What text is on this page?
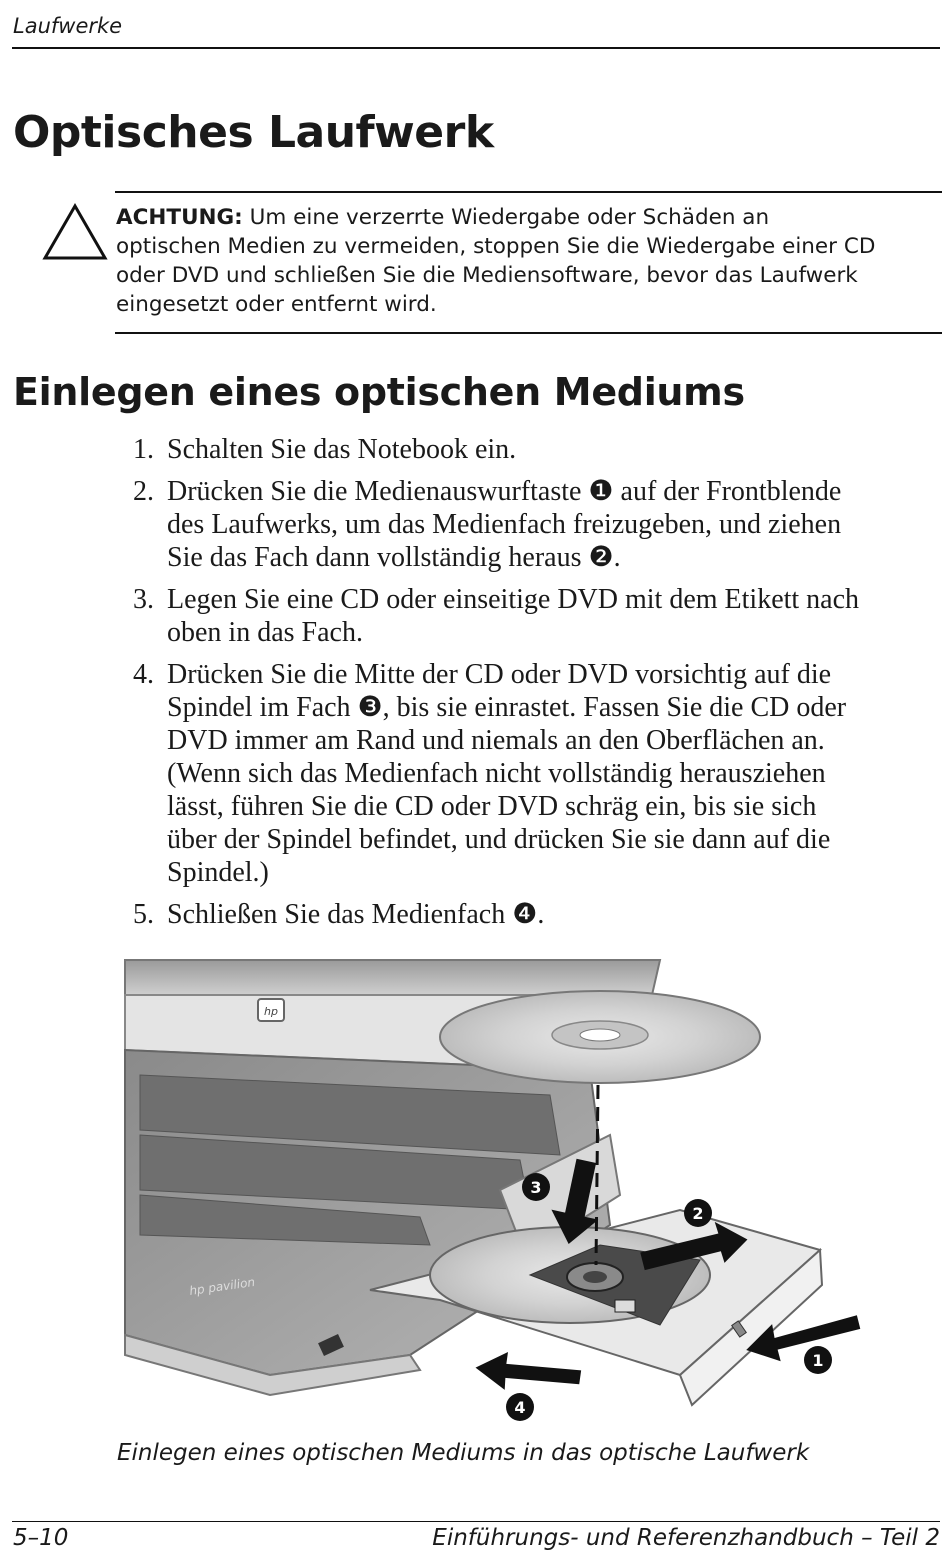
Laufwerke
Optisches Laufwerk
ACHTUNG: Um eine verzerrte Wiedergabe oder Schäden an
optischen Medien zu vermeiden, stoppen Sie die Wiedergabe einer CD
oder DVD und schließen Sie die Mediensoftware, bevor das Laufwerk
eingesetzt oder entfernt wird.
Einlegen eines optischen Mediums
1. Schalten Sie das Notebook ein.
2. Drücken Sie die Medienauswurftaste ❶ auf der Frontblende
des Laufwerks, um das Medienfach freizugeben, und ziehen
Sie das Fach dann vollständig heraus ❷.
3. Legen Sie eine CD oder einseitige DVD mit dem Etikett nach
oben in das Fach.
4. Drücken Sie die Mitte der CD oder DVD vorsichtig auf die
Spindel im Fach ❸, bis sie einrastet. Fassen Sie die CD oder
DVD immer am Rand und niemals an den Oberflächen an.
(Wenn sich das Medienfach nicht vollständig herausziehen
lässt, führen Sie die CD oder DVD schräg ein, bis sie sich
über der Spindel befindet, und drücken Sie sie dann auf die
Spindel.)
5. Schließen Sie das Medienfach ❹.
hp
hp pavilion
1
2
3
4
Einlegen eines optischen Mediums in das optische Laufwerk
5–10	Einführungs- und Referenzhandbuch – Teil 2
